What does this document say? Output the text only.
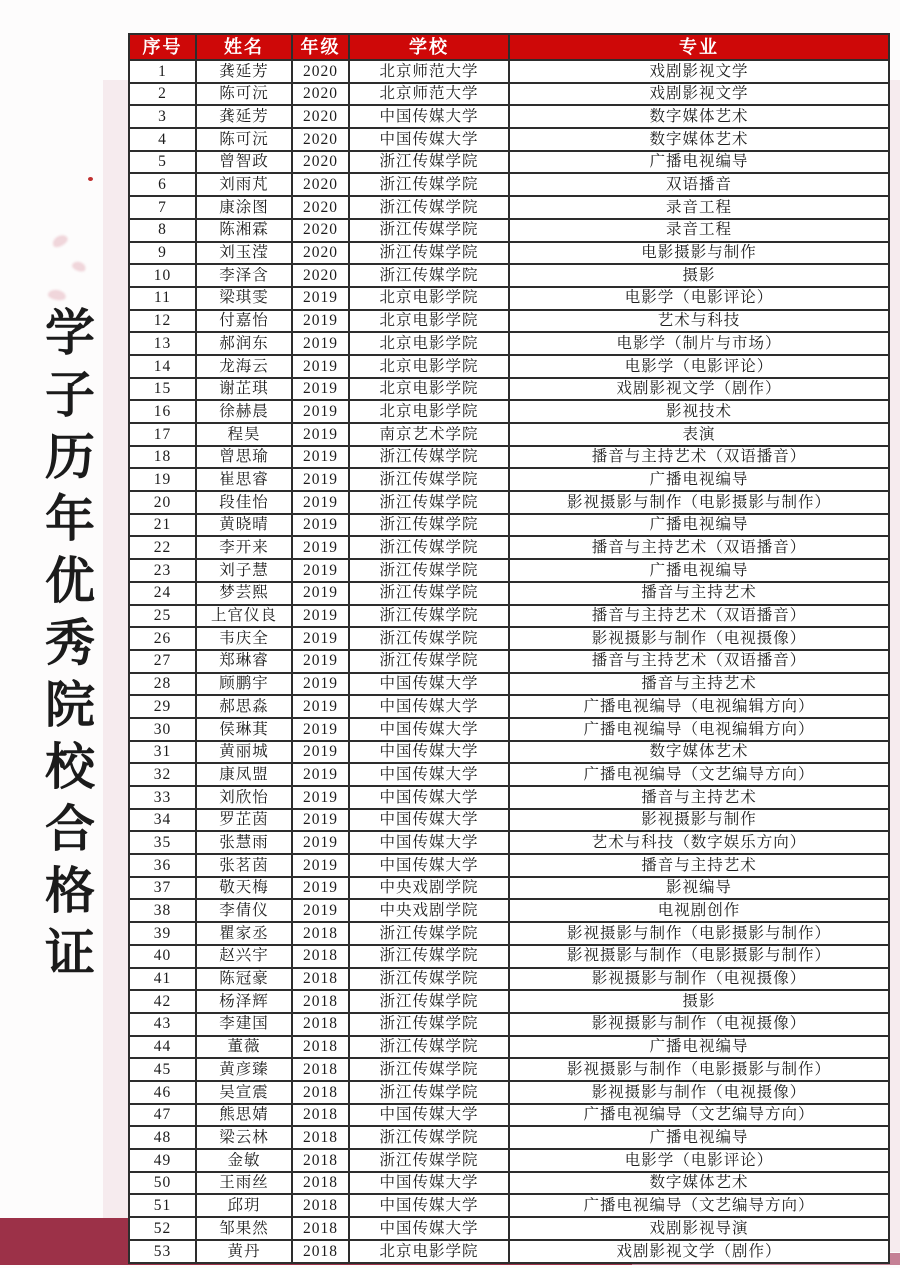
学子历年优秀院校合格证
序号	姓名	年级	学校	专业
1	龚延芳	2020	北京师范大学	戏剧影视文学
2	陈可沅	2020	北京师范大学	戏剧影视文学
3	龚延芳	2020	中国传媒大学	数字媒体艺术
4	陈可沅	2020	中国传媒大学	数字媒体艺术
5	曾智政	2020	浙江传媒学院	广播电视编导
6	刘雨芃	2020	浙江传媒学院	双语播音
7	康涂图	2020	浙江传媒学院	录音工程
8	陈湘霖	2020	浙江传媒学院	录音工程
9	刘玉滢	2020	浙江传媒学院	电影摄影与制作
10	李泽含	2020	浙江传媒学院	摄影
11	梁琪雯	2019	北京电影学院	电影学（电影评论）
12	付嘉怡	2019	北京电影学院	艺术与科技
13	郝润东	2019	北京电影学院	电影学（制片与市场）
14	龙海云	2019	北京电影学院	电影学（电影评论）
15	谢芷琪	2019	北京电影学院	戏剧影视文学（剧作）
16	徐赫晨	2019	北京电影学院	影视技术
17	程昊	2019	南京艺术学院	表演
18	曾思瑜	2019	浙江传媒学院	播音与主持艺术（双语播音）
19	崔思睿	2019	浙江传媒学院	广播电视编导
20	段佳怡	2019	浙江传媒学院	影视摄影与制作（电影摄影与制作）
21	黄晓晴	2019	浙江传媒学院	广播电视编导
22	李开来	2019	浙江传媒学院	播音与主持艺术（双语播音）
23	刘子慧	2019	浙江传媒学院	广播电视编导
24	梦芸熙	2019	浙江传媒学院	播音与主持艺术
25	上官仪良	2019	浙江传媒学院	播音与主持艺术（双语播音）
26	韦庆全	2019	浙江传媒学院	影视摄影与制作（电视摄像）
27	郑琳睿	2019	浙江传媒学院	播音与主持艺术（双语播音）
28	顾鹏宇	2019	中国传媒大学	播音与主持艺术
29	郝思淼	2019	中国传媒大学	广播电视编导（电视编辑方向）
30	侯琳萁	2019	中国传媒大学	广播电视编导（电视编辑方向）
31	黄丽城	2019	中国传媒大学	数字媒体艺术
32	康凤盟	2019	中国传媒大学	广播电视编导（文艺编导方向）
33	刘欣怡	2019	中国传媒大学	播音与主持艺术
34	罗芷茵	2019	中国传媒大学	影视摄影与制作
35	张慧雨	2019	中国传媒大学	艺术与科技（数字娱乐方向）
36	张茗茵	2019	中国传媒大学	播音与主持艺术
37	敬天梅	2019	中央戏剧学院	影视编导
38	李倩仪	2019	中央戏剧学院	电视剧创作
39	瞿家丞	2018	浙江传媒学院	影视摄影与制作（电影摄影与制作）
40	赵兴宇	2018	浙江传媒学院	影视摄影与制作（电影摄影与制作）
41	陈冠豪	2018	浙江传媒学院	影视摄影与制作（电视摄像）
42	杨泽辉	2018	浙江传媒学院	摄影
43	李建国	2018	浙江传媒学院	影视摄影与制作（电视摄像）
44	董薇	2018	浙江传媒学院	广播电视编导
45	黄彦臻	2018	浙江传媒学院	影视摄影与制作（电影摄影与制作）
46	吴宣震	2018	浙江传媒学院	影视摄影与制作（电视摄像）
47	熊思婧	2018	中国传媒大学	广播电视编导（文艺编导方向）
48	梁云林	2018	浙江传媒学院	广播电视编导
49	金敏	2018	浙江传媒学院	电影学（电影评论）
50	王雨丝	2018	中国传媒大学	数字媒体艺术
51	邱玥	2018	中国传媒大学	广播电视编导（文艺编导方向）
52	邹果然	2018	中国传媒大学	戏剧影视导演
53	黄丹	2018	北京电影学院	戏剧影视文学（剧作）
